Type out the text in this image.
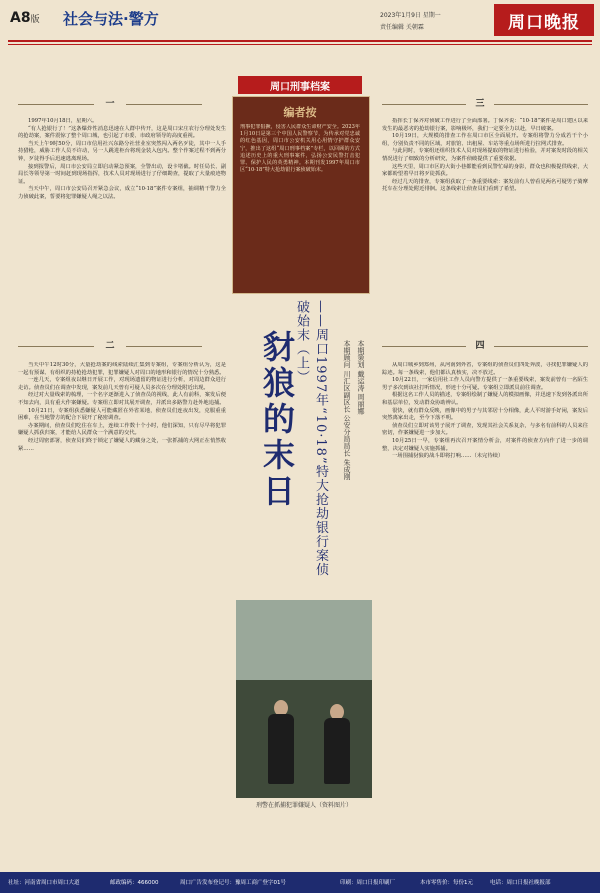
A8版 社会与法·警方	2023年1月9日 星期一
责任编辑 关朝霖	周口晚报
周口刑事档案
一

1997年10月18日，星期六。

“有人抢银行了！”这条爆炸性消息迅速在人群中传开，这是周口宋庄农行分理处发生的抢劫案，案件震惊了整个周口城，也引起了市委、市政府领导的高度重视。

当天上午9时50分，周口市信用社兴东路分社营业室突然闯入两名歹徒，其中一人手持猎枪，威胁工作人员不许动，另一人跳进柜台将现金装入包内。整个作案过程不到两分钟，歹徒得手后迅速逃离现场。

接到报警后，周口市公安局立即启动紧急预案，全警出动，设卡堵截。时任局长、副局长等领导第一时间赶到现场指挥，技术人员对现场进行了仔细勘查，提取了大量痕迹物证。

当天中午，周口市公安局召开紧急会议，成立“10·18”案件专案组，抽调精干警力全力侦破此案，誓要将犯罪嫌疑人绳之以法。

二

当天中午12时30分，大量抢劫案的线索陆续汇集到专案组，专案组分析认为，这是一起有预谋、有组织的持枪抢劫犯罪，犯罪嫌疑人对周口的地形和银行的情况十分熟悉。

一连几天，专案组夜以继日开展工作，对现场遗留的物证进行分析，对周边群众进行走访。侦查员们在调查中发现，案发前几天曾有可疑人员多次在分理处附近出现。

经过对大量线索的梳理，一个名字逐渐进入了侦查员的视线，此人有前科，案发后便不知去向，具有重大作案嫌疑。专案组立即对其展开调查，并派出多路警力赴外地追捕。

10月21日，专案组获悉嫌疑人可能藏匿在外省某地，侦查员们连夜出发，克服重重困难，在当地警方的配合下展开了秘密调查。

办案期间，侦查员们吃住在车上，连续工作数十个小时，他们深知，只有尽早将犯罪嫌疑人抓获归案，才能给人民群众一个满意的交代。

经过周密部署，侦查员们终于锁定了嫌疑人的藏身之处，一张抓捕的大网正在悄然收紧……

编者按
刑事犯罪猖獗，侵害人民群众生命财产安全。2023年1月10日是第三个中国人民警察节，为传承对党忠诚的红色基因，周口市公安机关用心用情守护群众安宁，推出了这组“周口刑事档案”专栏，以回顾的方式追述历史上的重大刑事案件，弘扬公安民警打击犯罪、保护人民的英勇精神。本期刊发1997年周口市区“10·18”特大抢劫银行案侦破始末。
——周口1997年“10·18”特大抢劫银行案侦破始末（上）
豺狼的末日	本期顾问 川汇区副区长 公安分局局长 朱成刚 本期策划 戴运涛 周丽娜
刑警在抓捕犯罪嫌疑人（资料图片）
三

指挥长丁保齐对侦破工作进行了全面部署。丁保齐说：“10·18”案件是周口建区以来发生的最恶劣的抢劫银行案，影响极坏，我们一定要全力以赴，早日破案。

10月19日，大规模的排查工作在周口市区全面展开。专案组将警力分成若干个小组，分别负责不同的区域，对旅馆、出租屋、车站等重点场所进行拉网式排查。

与此同时，专案组还组织技术人员对现场提取的物证进行检验，并对案发时段的相关情况进行了细致的分析研究，为案件侦破提供了重要依据。

这些天里，周口市区的大街小巷都能看到民警忙碌的身影，群众也积极提供线索，大家都盼望着早日将歹徒抓获。

经过几天的排查，专案组获取了一条重要线索：案发前有人曾看见两名可疑男子骑摩托车在分理处附近徘徊。这条线索让侦查员们看到了希望。

四

从周口城乡到郑州，从河南到外省，专案组的侦查员们四处奔波，寻找犯罪嫌疑人的踪迹。每一条线索，他们都认真核实，决不放过。

10月22日，一家信用社工作人员向警方提供了一条重要线索，案发前曾有一名陌生男子多次到该社打听情况，形迹十分可疑。专案组立即派员前往调查。

根据这名工作人员的描述，专案组绘制了嫌疑人的模拟画像，并迅速下发到各派出所和基层单位，发动群众协助辨认。

很快，就有群众反映，画像中的男子与其邻居十分相像，此人平时游手好闲，案发后突然离家出走，至今下落不明。

侦查员们立即对该男子展开了调查，发现其社会关系复杂，与多名有前科的人员来往密切，作案嫌疑进一步加大。

10月25日一早，专案组再次召开案情分析会，对案件的侦查方向作了进一步的调整，决定对嫌疑人实施抓捕。

一场围捕豺狼的战斗即将打响……（未完待续）

社址：河南省周口市周口大道	邮政编码：466000	周口广告发布登记号：豫周工商广登字01号	印刷：周口日报印刷厂	本市零售价：每份1元	电话：周口日报社晚报部
